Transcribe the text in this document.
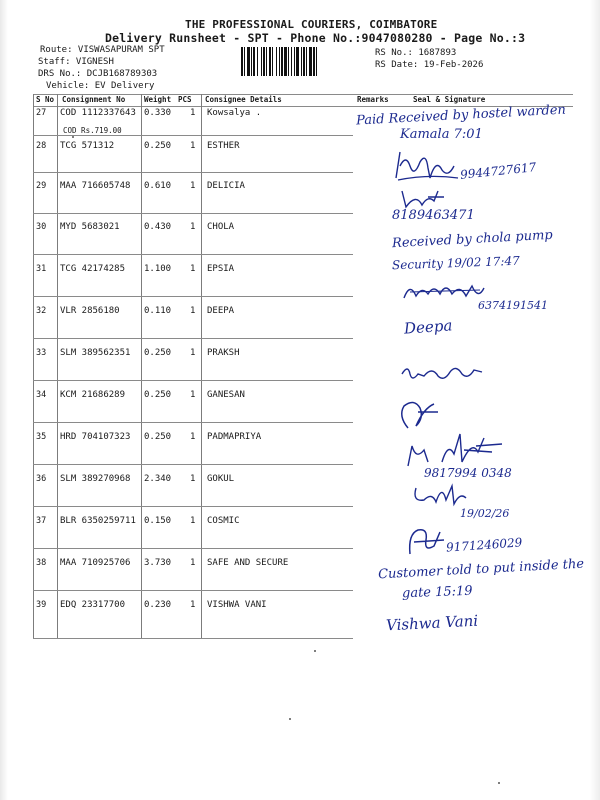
THE PROFESSIONAL COURIERS, COIMBATORE
Delivery Runsheet - SPT - Phone No.:9047080280 - Page No.:3
Route: VISWASAPURAM SPT
Staff: VIGNESH
DRS No.: DCJB168789303
Vehicle: EV Delivery
RS No.: 1687893
RS Date: 19-Feb-2026
S No Consignment No	Weight PCS Consignee Details	Remarks	Seal & Signature
27 COD 1112337643 0.330	1 Kowsalya .
COD Rs.719.00
28 TCG 571312	0.250	1 ESTHER
29 MAA 716605748 0.610	1 DELICIA
30 MYD 5683021	0.430	1 CHOLA
31 TCG 42174285 1.100	1 EPSIA
32 VLR 2856180	0.110	1 DEEPA
33 SLM 389562351 0.250	1 PRAKSH
34 KCM 21686289 0.250	1 GANESAN
35 HRD 704107323 0.250	1 PADMAPRIYA
36 SLM 389270968 2.340	1 GOKUL
37 BLR 6350259711 0.150	1 COSMIC
38 MAA 710925706 3.730	1 SAFE AND SECURE
39 EDQ 23317700 0.230	1 VISHWA VANI
Paid Received by hostel warden
Kamala 7:01
9944727617
8189463471
Received by chola pump
Security 19/02 17:47
6374191541
Deepa
9817994 0348
19/02/26
9171246029
Customer told to put inside the
gate 15:19
Vishwa Vani
